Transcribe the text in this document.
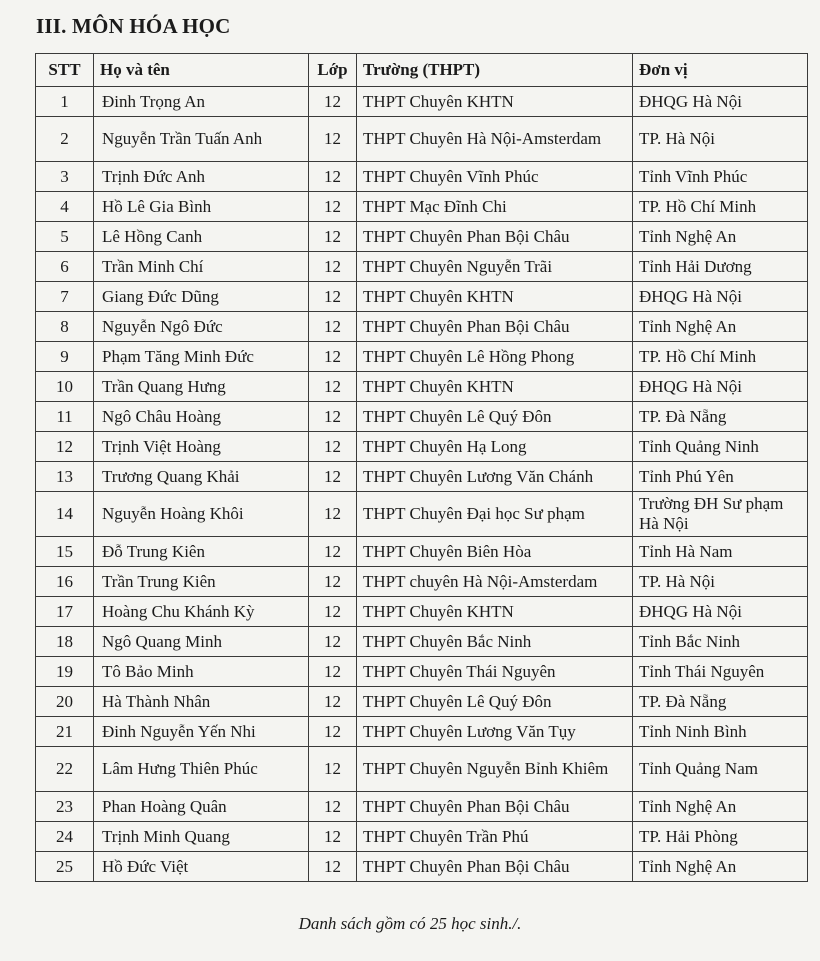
III. MÔN HÓA HỌC
STT	Họ và tên	Lớp	Trường (THPT)	Đơn vị
1	Đinh Trọng An	12	THPT Chuyên KHTN	ĐHQG Hà Nội
2	Nguyễn Trần Tuấn Anh	12	THPT Chuyên Hà Nội-Amsterdam	TP. Hà Nội
3	Trịnh Đức Anh	12	THPT Chuyên Vĩnh Phúc	Tỉnh Vĩnh Phúc
4	Hồ Lê Gia Bình	12	THPT Mạc Đĩnh Chi	TP. Hồ Chí Minh
5	Lê Hồng Canh	12	THPT Chuyên Phan Bội Châu	Tỉnh Nghệ An
6	Trần Minh Chí	12	THPT Chuyên Nguyễn Trãi	Tỉnh Hải Dương
7	Giang Đức Dũng	12	THPT Chuyên KHTN	ĐHQG Hà Nội
8	Nguyễn Ngô Đức	12	THPT Chuyên Phan Bội Châu	Tỉnh Nghệ An
9	Phạm Tăng Minh Đức	12	THPT Chuyên Lê Hồng Phong	TP. Hồ Chí Minh
10	Trần Quang Hưng	12	THPT Chuyên KHTN	ĐHQG Hà Nội
11	Ngô Châu Hoàng	12	THPT Chuyên Lê Quý Đôn	TP. Đà Nẵng
12	Trịnh Việt Hoàng	12	THPT Chuyên Hạ Long	Tỉnh Quảng Ninh
13	Trương Quang Khải	12	THPT Chuyên Lương Văn Chánh	Tỉnh Phú Yên
14	Nguyễn Hoàng Khôi	12	THPT Chuyên Đại học Sư phạm	Trường ĐH Sư phạm Hà Nội
15	Đỗ Trung Kiên	12	THPT Chuyên Biên Hòa	Tỉnh Hà Nam
16	Trần Trung Kiên	12	THPT chuyên Hà Nội-Amsterdam	TP. Hà Nội
17	Hoàng Chu Khánh Kỳ	12	THPT Chuyên KHTN	ĐHQG Hà Nội
18	Ngô Quang Minh	12	THPT Chuyên Bắc Ninh	Tỉnh Bắc Ninh
19	Tô Bảo Minh	12	THPT Chuyên Thái Nguyên	Tỉnh Thái Nguyên
20	Hà Thành Nhân	12	THPT Chuyên Lê Quý Đôn	TP. Đà Nẵng
21	Đinh Nguyễn Yến Nhi	12	THPT Chuyên Lương Văn Tụy	Tỉnh Ninh Bình
22	Lâm Hưng Thiên Phúc	12	THPT Chuyên Nguyễn Bỉnh Khiêm	Tỉnh Quảng Nam
23	Phan Hoàng Quân	12	THPT Chuyên Phan Bội Châu	Tỉnh Nghệ An
24	Trịnh Minh Quang	12	THPT Chuyên Trần Phú	TP. Hải Phòng
25	Hồ Đức Việt	12	THPT Chuyên Phan Bội Châu	Tỉnh Nghệ An

Danh sách gồm có 25 học sinh./.
